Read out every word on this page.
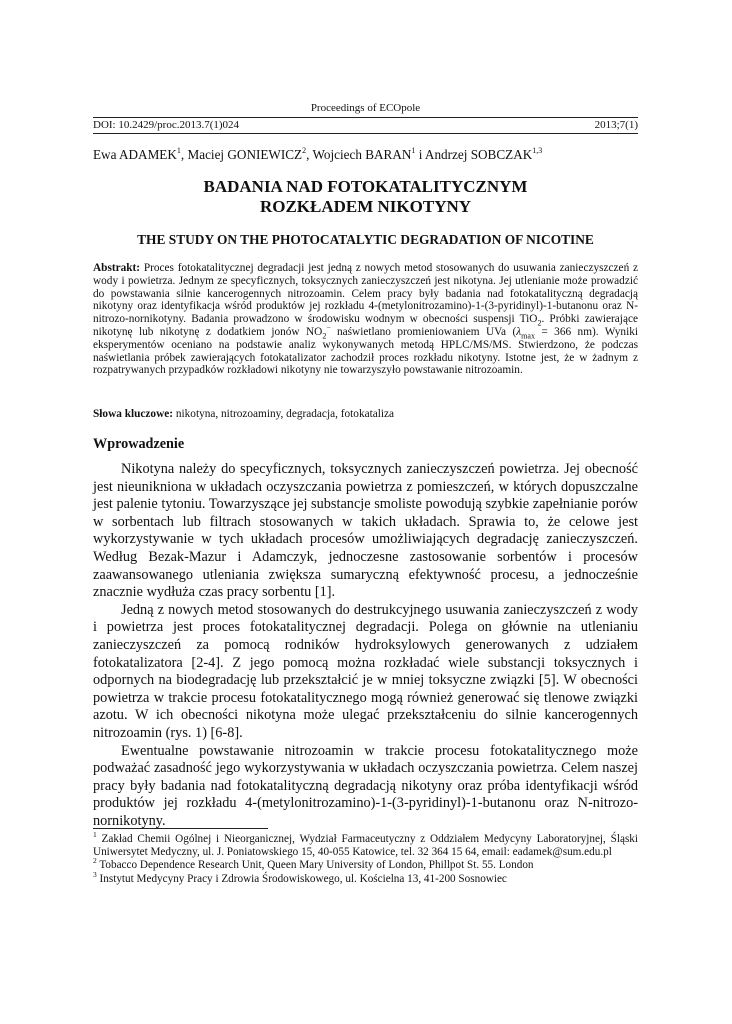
Proceedings of ECOpole
DOI: 10.2429/proc.2013.7(1)024	2013;7(1)
Ewa ADAMEK$^1$, Maciej GONIEWICZ$^2$, Wojciech BARAN$^1$ i Andrzej SOBCZAK$^{1,3}$
BADANIA NAD FOTOKATALITYCZNYM
ROZKŁADEM NIKOTYNY
THE STUDY ON THE PHOTOCATALYTIC DEGRADATION OF NICOTINE
Abstrakt: Proces fotokatalitycznej degradacji jest jedną z nowych metod stosowanych do usuwania zanieczyszczeń z wody i powietrza. Jednym ze specyficznych, toksycznych zanieczyszczeń jest nikotyna. Jej utlenianie może prowadzić do powstawania silnie kancerogennych nitrozoamin. Celem pracy były badania nad fotokatalityczną degradacją nikotyny oraz identyfikacja wśród produktów jej rozkładu 4-(metylonitrozamino)-1-(3-pyridinyl)-1-butanonu oraz N-nitrozo-nornikotyny. Badania prowadzono w środowisku wodnym w obecności suspensji TiO$_2$. Próbki zawierające nikotynę lub nikotynę z dodatkiem jonów $NO_2^-$ naświetlano promieniowaniem UVa ($\lambda_{max} = 366$ nm). Wyniki eksperymentów oceniano na podstawie analiz wykonywanych metodą HPLC/MS/MS. Stwierdzono, że podczas naświetlania próbek zawierających fotokatalizator zachodził proces rozkładu nikotyny. Istotne jest, że w żadnym z rozpatrywanych przypadków rozkładowi nikotyny nie towarzyszyło powstawanie nitrozoamin.
Słowa kluczowe: nikotyna, nitrozoaminy, degradacja, fotokataliza
Wprowadzenie

Nikotyna należy do specyficznych, toksycznych zanieczyszczeń powietrza. Jej obecność jest nieunikniona w układach oczyszczania powietrza z pomieszczeń, w których dopuszczalne jest palenie tytoniu. Towarzyszące jej substancje smoliste powodują szybkie zapełnianie porów w sorbentach lub filtrach stosowanych w takich układach. Sprawia to, że celowe jest wykorzystywanie w tych układach procesów umożliwiających degradację zanieczyszczeń. Według Bezak-Mazur i Adamczyk, jednoczesne zastosowanie sorbentów i procesów zaawansowanego utleniania zwiększa sumaryczną efektywność procesu, a jednocześnie znacznie wydłuża czas pracy sorbentu [1].

Jedną z nowych metod stosowanych do destrukcyjnego usuwania zanieczyszczeń z wody i powietrza jest proces fotokatalitycznej degradacji. Polega on głównie na utlenianiu zanieczyszczeń za pomocą rodników hydroksylowych generowanych z udziałem fotokatalizatora [2-4]. Z jego pomocą można rozkładać wiele substancji toksycznych i odpornych na biodegradację lub przekształcić je w mniej toksyczne związki [5]. W obecności powietrza w trakcie procesu fotokatalitycznego mogą również generować się tlenowe związki azotu. W ich obecności nikotyna może ulegać przekształceniu do silnie kancerogennych nitrozoamin (rys. 1) [6-8].

Ewentualne powstawanie nitrozoamin w trakcie procesu fotokatalitycznego może podważać zasadność jego wykorzystywania w układach oczyszczania powietrza. Celem naszej pracy były badania nad fotokatalityczną degradacją nikotyny oraz próba identyfikacji wśród produktów jej rozkładu 4-(metylonitrozamino)-1-(3-pyridinyl)-1-butanonu oraz N-nitrozo-nornikotyny.

$^1$ Zakład Chemii Ogólnej i Nieorganicznej, Wydział Farmaceutyczny z Oddziałem Medycyny Laboratoryjnej, Śląski Uniwersytet Medyczny, ul. J. Poniatowskiego 15, 40-055 Katowice, tel. 32 364 15 64, email: eadamek@sum.edu.pl
$^2$ Tobacco Dependence Research Unit, Queen Mary University of London, Phillpot St. 55. London
$^3$ Instytut Medycyny Pracy i Zdrowia Środowiskowego, ul. Kościelna 13, 41-200 Sosnowiec
